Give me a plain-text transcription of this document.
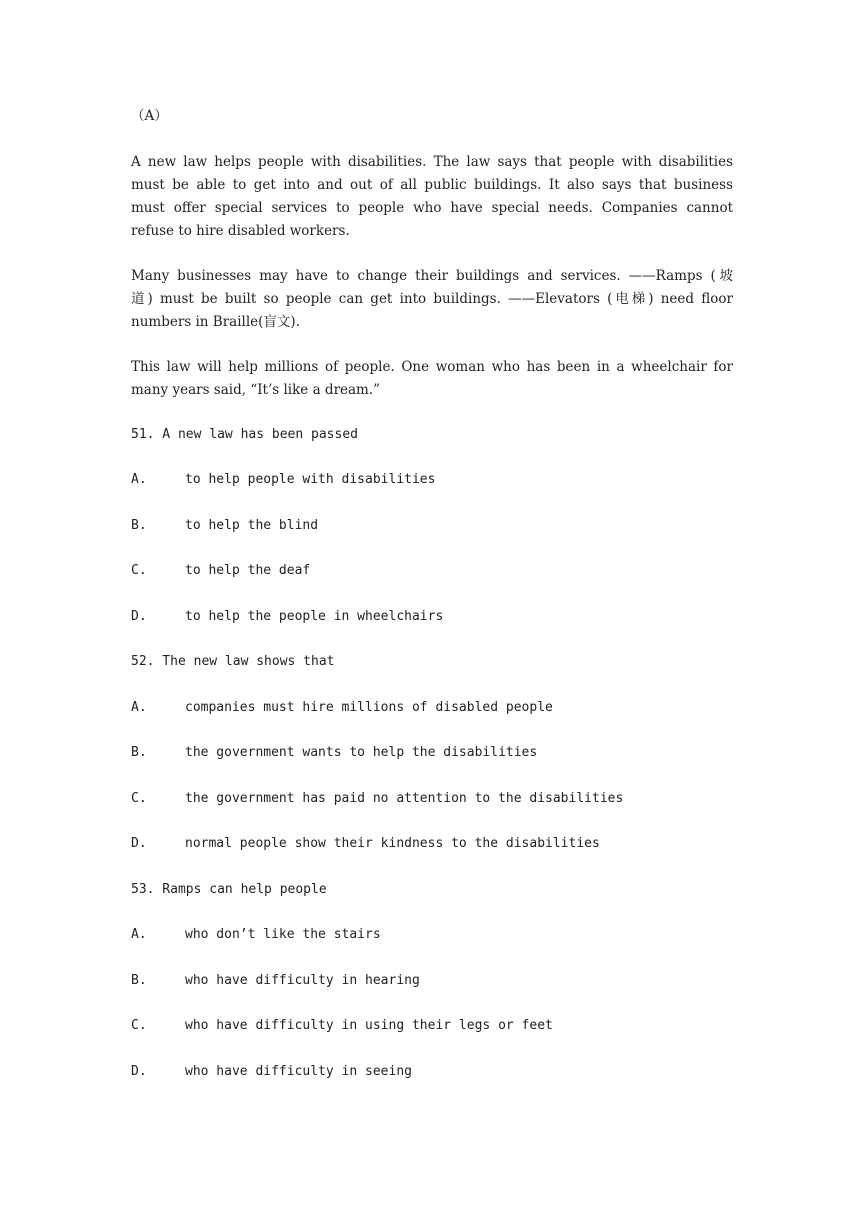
（A）
A new law helps people with disabilities. The law says that people with disabilities
must be able to get into and out of all public buildings. It also says that business
must offer special services to people who have special needs. Companies cannot
refuse to hire disabled workers.
Many businesses may have to change their buildings and services. ——Ramps (坡
道) must be built so people can get into buildings. ——Elevators (电梯) need floor
numbers in Braille(盲文).
This law will help millions of people. One woman who has been in a wheelchair for
many years said, “It’s like a dream.”
51. A new law has been passed
A.	to help people with disabilities
B.	to help the blind
C.	to help the deaf
D.	to help the people in wheelchairs
52. The new law shows that
A.	companies must hire millions of disabled people
B.	the government wants to help the disabilities
C.	the government has paid no attention to the disabilities
D.	normal people show their kindness to the disabilities
53. Ramps can help people
A.	who don’t like the stairs
B.	who have difficulty in hearing
C.	who have difficulty in using their legs or feet
D.	who have difficulty in seeing
